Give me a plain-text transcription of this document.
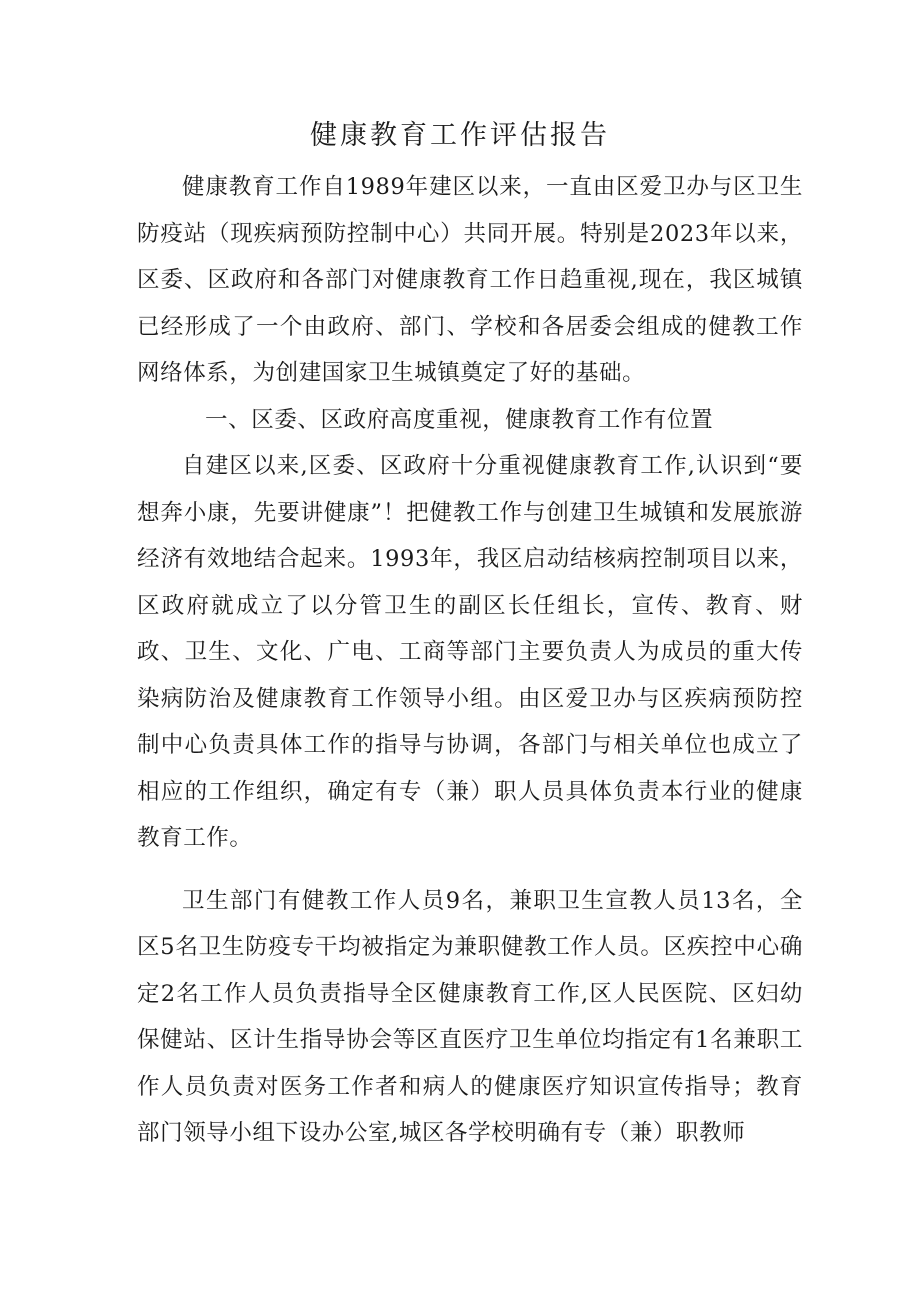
健康教育工作评估报告

健康教育工作自1989年建区以来，一直由区爱卫办与区卫生防疫站（现疾病预防控制中心）共同开展。特别是2023年以来，区委、区政府和各部门对健康教育工作日趋重视,现在，我区城镇已经形成了一个由政府、部门、学校和各居委会组成的健教工作网络体系，为创建国家卫生城镇奠定了好的基础。

一、区委、区政府高度重视，健康教育工作有位置

自建区以来,区委、区政府十分重视健康教育工作,认识到“要想奔小康，先要讲健康”！把健教工作与创建卫生城镇和发展旅游经济有效地结合起来。1993年，我区启动结核病控制项目以来，区政府就成立了以分管卫生的副区长任组长，宣传、教育、财政、卫生、文化、广电、工商等部门主要负责人为成员的重大传染病防治及健康教育工作领导小组。由区爱卫办与区疾病预防控制中心负责具体工作的指导与协调，各部门与相关单位也成立了相应的工作组织，确定有专（兼）职人员具体负责本行业的健康教育工作。

卫生部门有健教工作人员9名，兼职卫生宣教人员13名，全区5名卫生防疫专干均被指定为兼职健教工作人员。区疾控中心确定2名工作人员负责指导全区健康教育工作,区人民医院、区妇幼保健站、区计生指导协会等区直医疗卫生单位均指定有1名兼职工作人员负责对医务工作者和病人的健康医疗知识宣传指导；教育部门领导小组下设办公室,城区各学校明确有专（兼）职教师
